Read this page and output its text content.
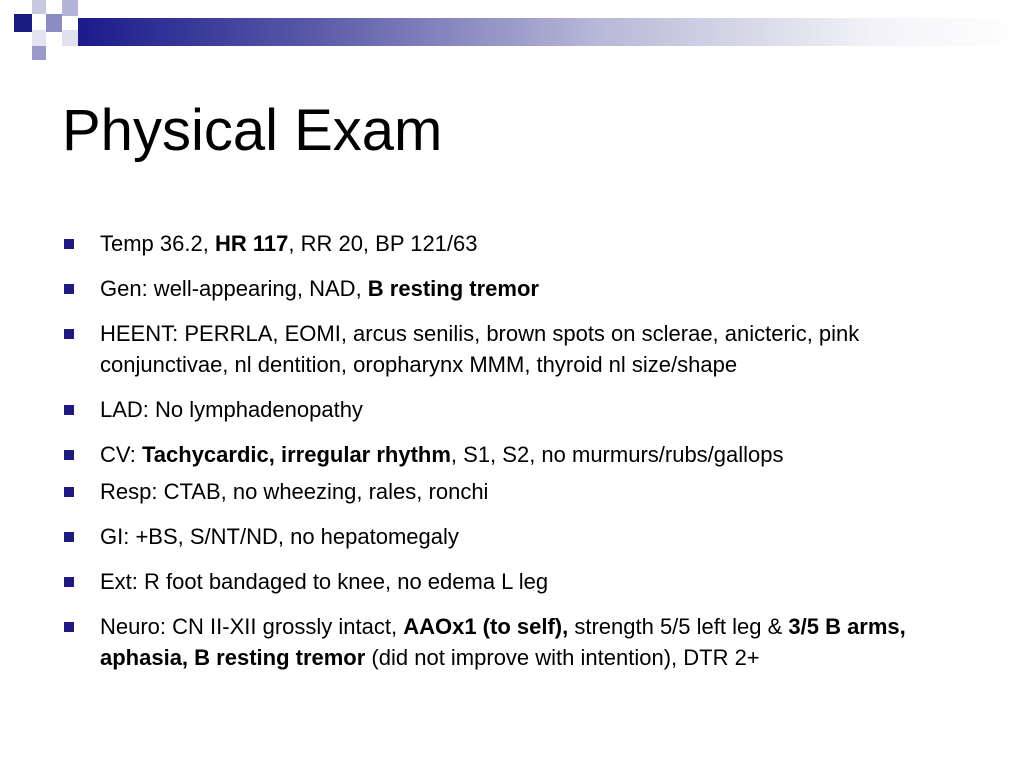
Physical Exam
Temp 36.2, HR 117, RR 20, BP 121/63
Gen: well-appearing, NAD, B resting tremor
HEENT: PERRLA, EOMI, arcus senilis, brown spots on sclerae, anicteric, pink conjunctivae, nl dentition, oropharynx MMM, thyroid nl size/shape
LAD: No lymphadenopathy
CV: Tachycardic, irregular rhythm, S1, S2, no murmurs/rubs/gallops
Resp: CTAB, no wheezing, rales, ronchi
GI: +BS, S/NT/ND, no hepatomegaly
Ext: R foot bandaged to knee, no edema L leg
Neuro: CN II-XII grossly intact, AAOx1 (to self), strength 5/5 left leg & 3/5 B arms, aphasia, B resting tremor (did not improve with intention), DTR 2+
